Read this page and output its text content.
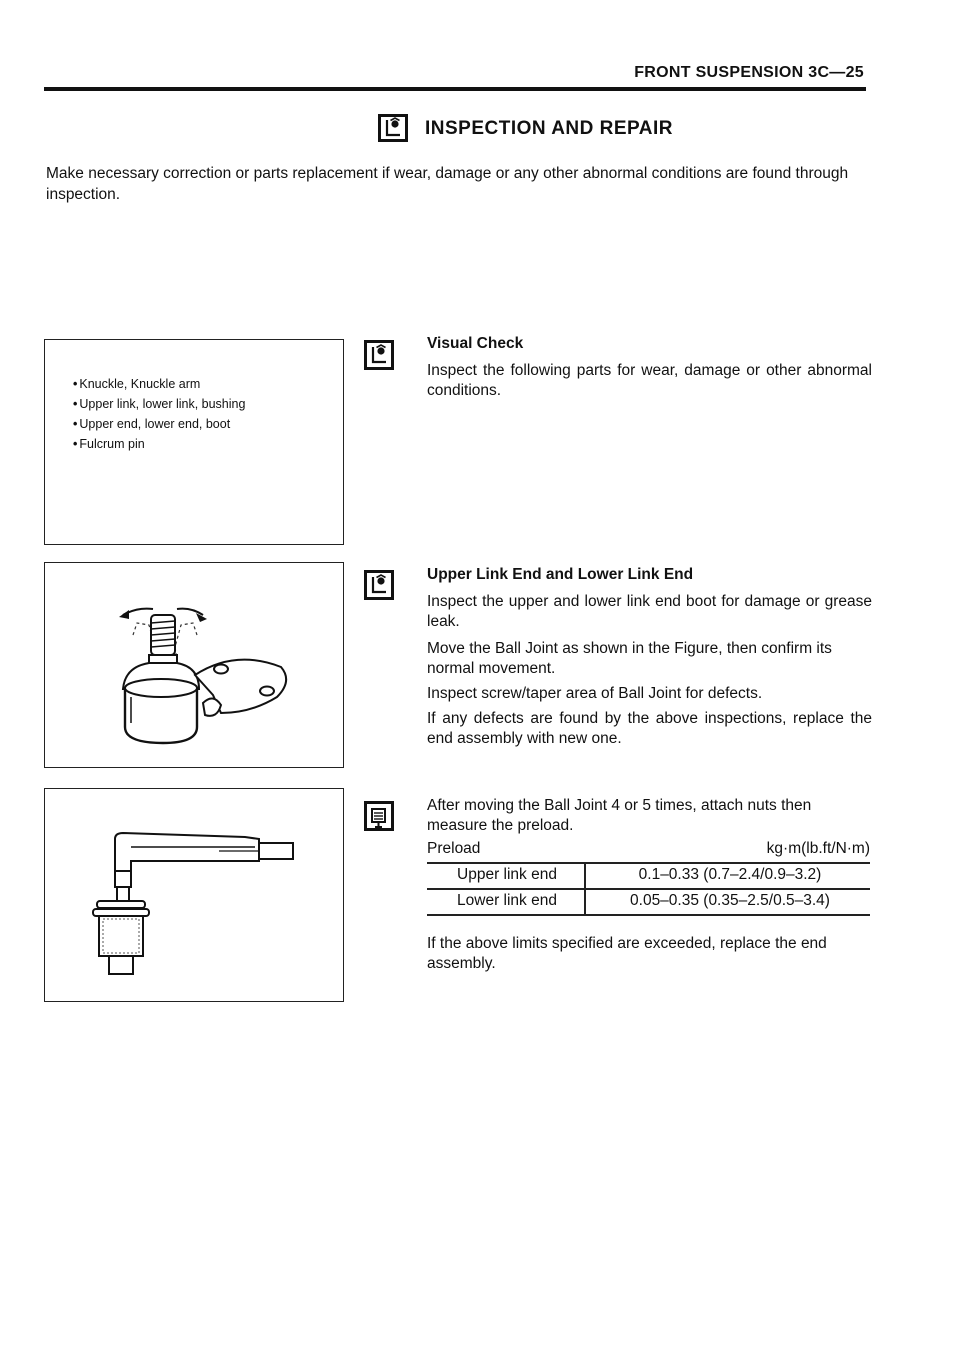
FRONT SUSPENSION 3C—25
INSPECTION AND REPAIR
Make necessary correction or parts replacement if wear, damage or any other abnormal conditions are found through inspection.
• Knuckle, Knuckle arm
• Upper link, lower link, bushing
• Upper end, lower end, boot
• Fulcrum pin
Visual Check
Inspect the following parts for wear, damage or other abnormal conditions.
Upper Link End and Lower Link End
Inspect the upper and lower link end boot for damage or grease leak.
Move the Ball Joint as shown in the Figure, then confirm its normal movement.
Inspect screw/taper area of Ball Joint for defects.
If any defects are found by the above inspections, replace the end assembly with new one.
After moving the Ball Joint 4 or 5 times, attach nuts then measure the preload.
Preload	kg·m(lb.ft/N·m)
Upper link end	0.1–0.33 (0.7–2.4/0.9–3.2)
Lower link end	0.05–0.35 (0.35–2.5/0.5–3.4)
If the above limits specified are exceeded, replace the end assembly.
